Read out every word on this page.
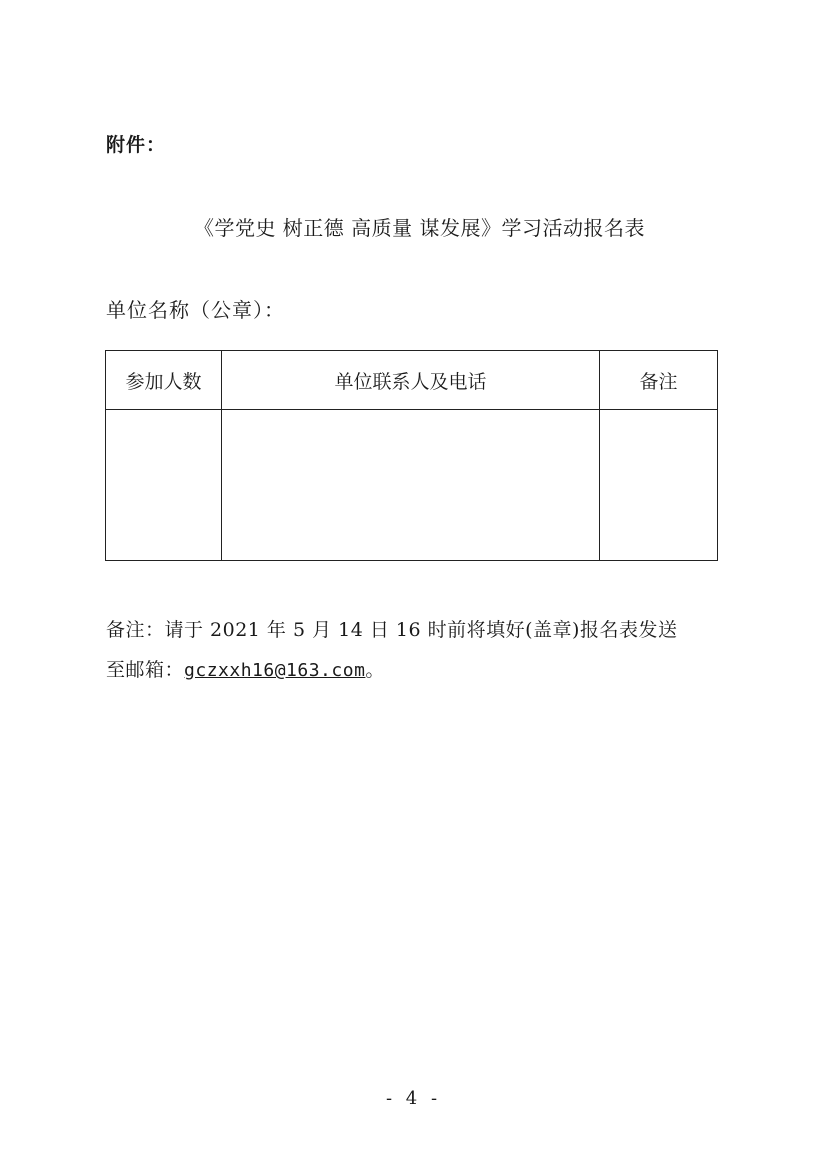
附件：
《学党史 树正德 高质量 谋发展》学习活动报名表
单位名称（公章）：
参加人数	单位联系人及电话	备注

备注：请于 2021 年 5 月 14 日 16 时前将填好(盖章)报名表发送
至邮箱：gczxxh16@163.com。
- 4 -
